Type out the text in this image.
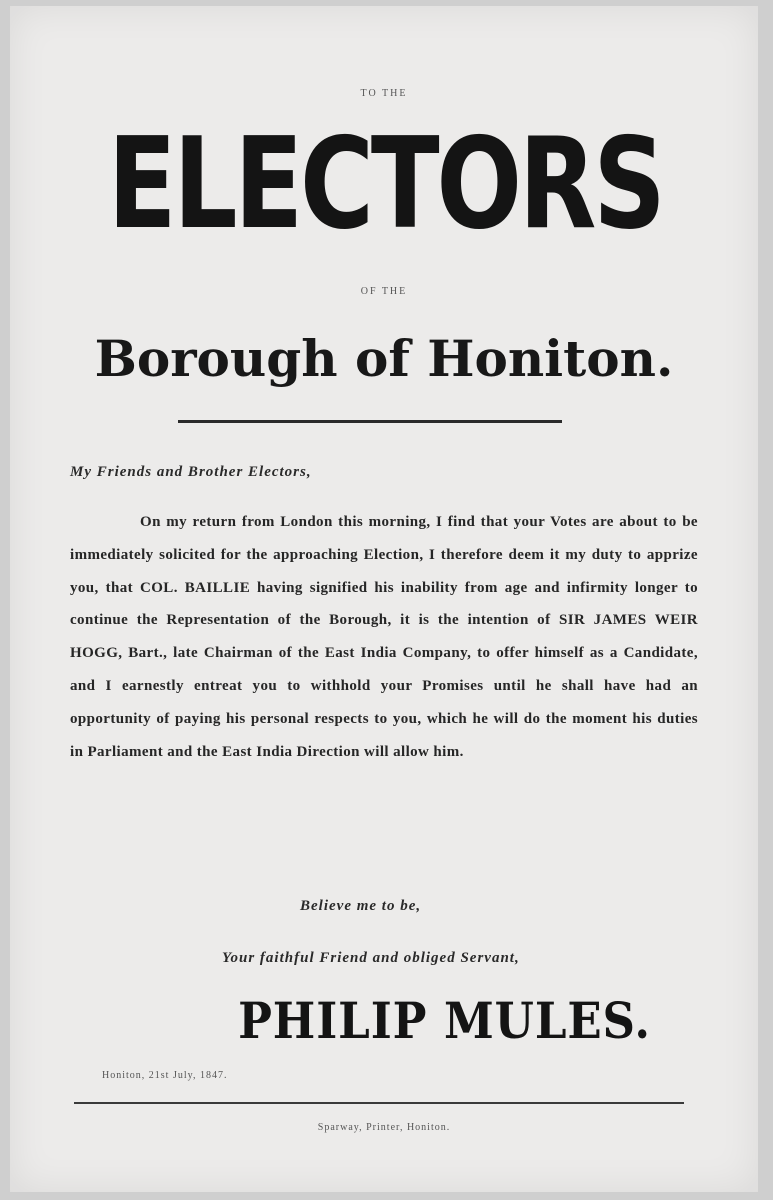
TO THE
ELECTORS
OF THE
Borough of Honiton.
My Friends and Brother Electors,
On my return from London this morning, I find that your Votes are about to be immediately solicited for the approaching Election, I therefore deem it my duty to apprize you, that COL. BAILLIE having signified his inability from age and infirmity longer to continue the Representation of the Borough, it is the intention of SIR JAMES WEIR HOGG, Bart., late Chairman of the East India Company, to offer himself as a Candidate, and I earnestly entreat you to withhold your Promises until he shall have had an opportunity of paying his personal respects to you, which he will do the moment his duties in Parliament and the East India Direction will allow him.
Believe me to be,
Your faithful Friend and obliged Servant,
PHILIP MULES.
Honiton, 21st July, 1847.
Sparway, Printer, Honiton.
